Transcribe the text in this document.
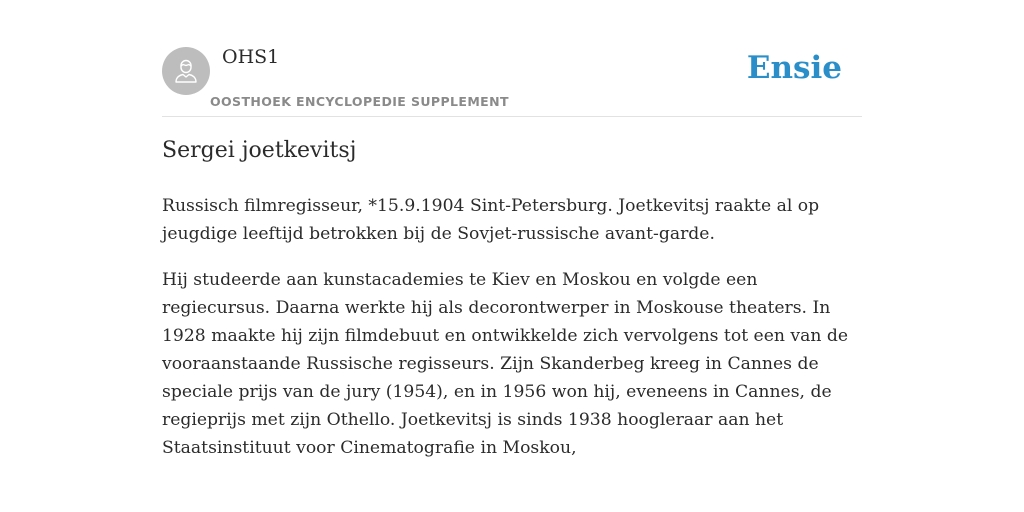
OHS1
OOSTHOEK ENCYCLOPEDIE SUPPLEMENT
Ensie
Sergei joetkevitsj

Russisch filmregisseur, *15.9.1904 Sint-Petersburg. Joetkevitsj raakte al op jeugdige leeftijd betrokken bij de Sovjet-russische avant-garde.

Hij studeerde aan kunstacademies te Kiev en Moskou en volgde een regiecursus. Daarna werkte hij als decorontwerper in Moskouse theaters. In 1928 maakte hij zijn filmdebuut en ontwikkelde zich vervolgens tot een van de vooraanstaande Russische regisseurs. Zijn Skanderbeg kreeg in Cannes de speciale prijs van de jury (1954), en in 1956 won hij, eveneens in Cannes, de regieprijs met zijn Othello. Joetkevitsj is sinds 1938 hoogleraar aan het Staatsinstituut voor Cinematografie in Moskou,
